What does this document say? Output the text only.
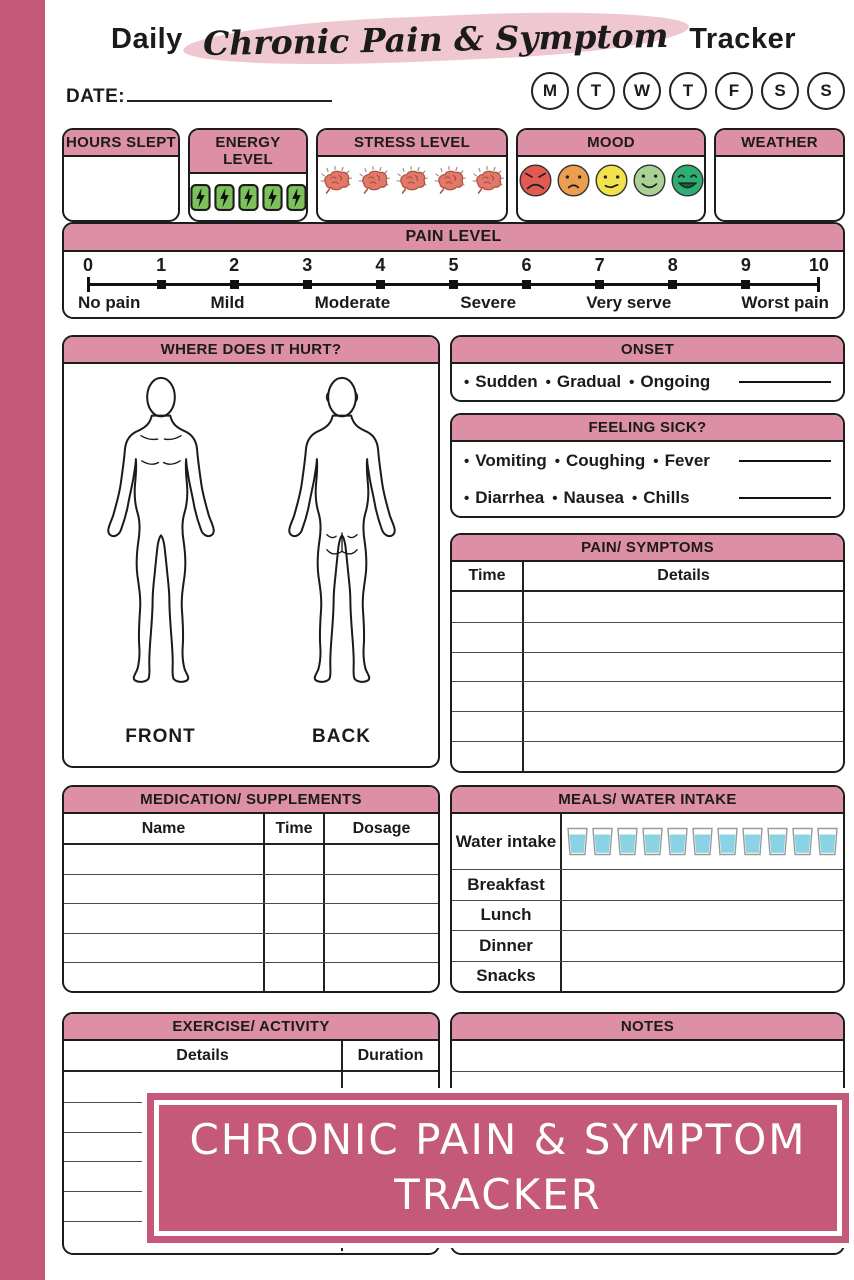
Daily Chronic Pain & Symptom Tracker
DATE:	M	T	W	T	F	S	S
HOURS SLEPT	ENERGY LEVEL
STRESS LEVEL	MOOD	WEATHER
PAIN LEVEL
0	1	2	3	4	5	6	7	8	9	10
No pain	Mild	Moderate	Severe	Very serve	Worst pain
WHERE DOES IT HURT?
FRONT	BACK
ONSET
• Sudden	• Gradual	• Ongoing
FEELING SICK?
• Vomiting	• Coughing	• Fever
• Diarrhea	• Nausea	• Chills
PAIN/ SYMPTOMS
Time	Details
MEDICATION/ SUPPLEMENTS
Name	Time	Dosage
MEALS/ WATER INTAKE
Water intake
Breakfast
Lunch
Dinner
Snacks
EXERCISE/ ACTIVITY
Details	Duration
NOTES
CHRONIC PAIN & SYMPTOM
TRACKER
